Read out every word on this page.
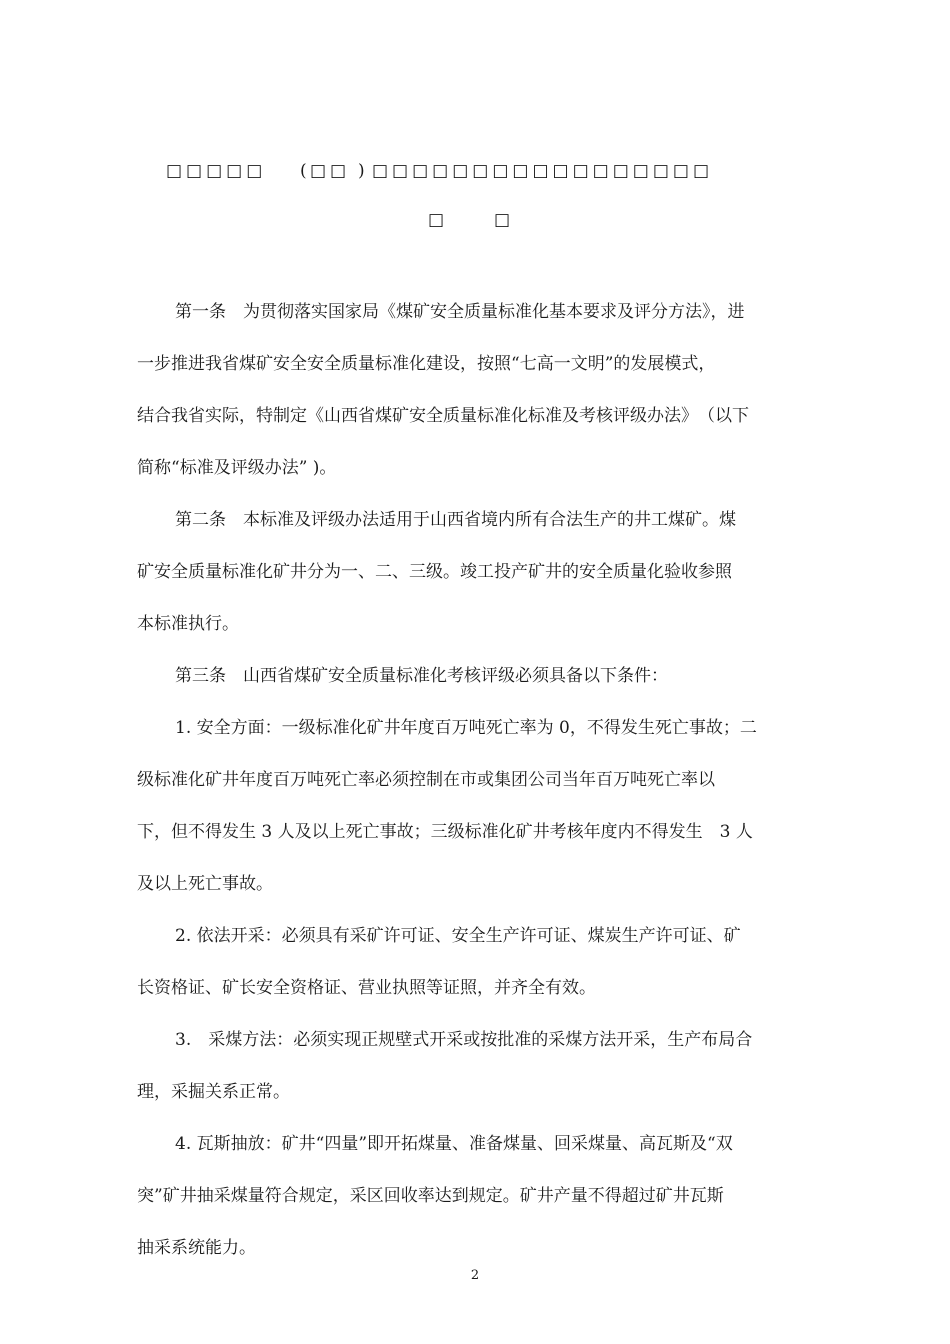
□□□□□ ( □□ ) □□□□□□□□□□□□□□□□□
□	□
第一条　为贯彻落实国家局《煤矿安全质量标准化基本要求及评分方法》，进
一步推进我省煤矿安全安全质量标准化建设，按照“七高一文明”的发展模式，
结合我省实际，特制定《山西省煤矿安全质量标准化标准及考核评级办法》　（以下
简称“标准及评级办法” )。
第二条　本标准及评级办法适用于山西省境内所有合法生产的井工煤矿。煤
矿安全质量标准化矿井分为一、二、三级。竣工投产矿井的安全质量化验收参照
本标准执行。
第三条　山西省煤矿安全质量标准化考核评级必须具备以下条件：
1. 安全方面：一级标准化矿井年度百万吨死亡率为 0，不得发生死亡事故；二
级标准化矿井年度百万吨死亡率必须控制在市或集团公司当年百万吨死亡率以
下，但不得发生 3 人及以上死亡事故；三级标准化矿井考核年度内不得发生　3 人
及以上死亡事故。
2. 依法开采：必须具有采矿许可证、安全生产许可证、煤炭生产许可证、矿
长资格证、矿长安全资格证、营业执照等证照，并齐全有效。
3.　采煤方法：必须实现正规壁式开采或按批准的采煤方法开采，生产布局合
理，采掘关系正常。
4. 瓦斯抽放：矿井“四量”即开拓煤量、准备煤量、回采煤量、高瓦斯及“双
突”矿井抽采煤量符合规定，采区回收率达到规定。矿井产量不得超过矿井瓦斯
抽采系统能力。
2
